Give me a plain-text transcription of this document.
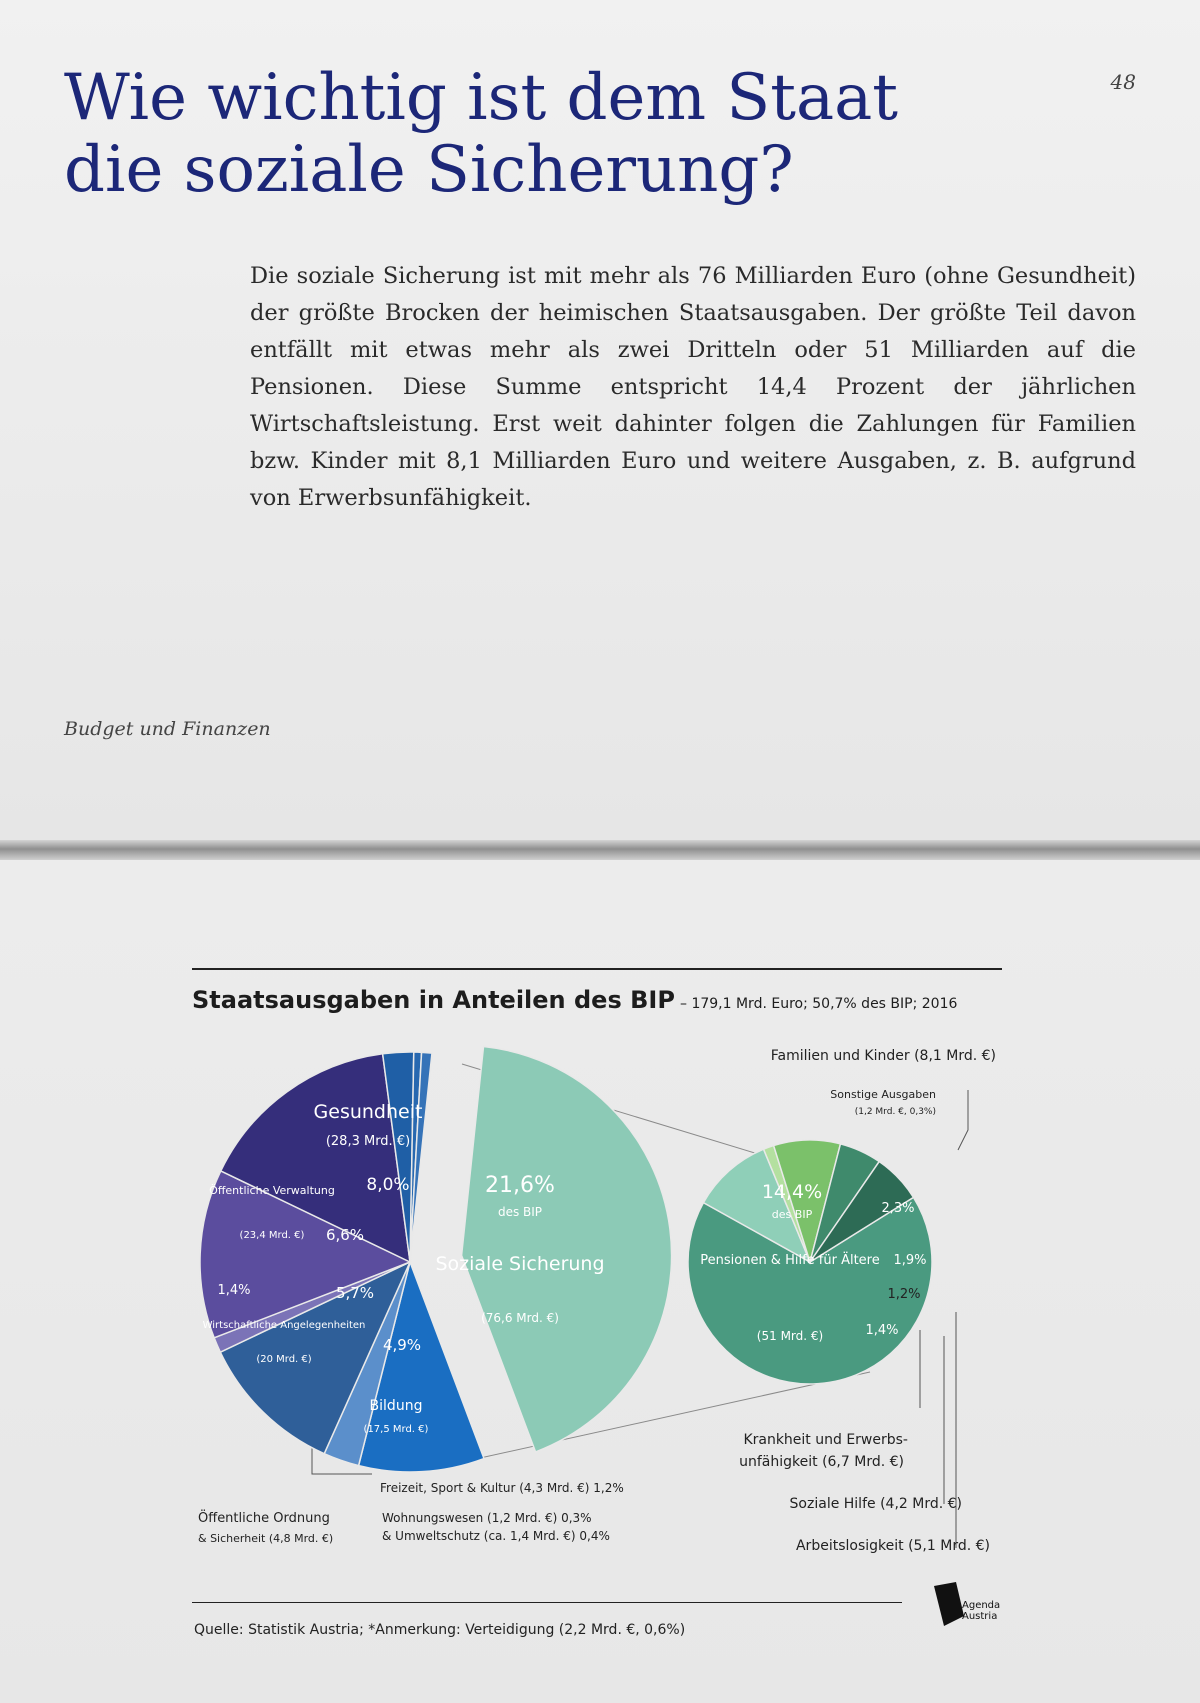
48
Wie wichtig ist dem Staat
die soziale Sicherung?

Die soziale Sicherung ist mit mehr als 76 Milliarden Euro (ohne Gesundheit) der größte Brocken der heimischen Staatsausgaben. Der größte Teil davon entfällt mit etwas mehr als zwei Dritteln oder 51 Milliarden auf die Pensionen. Diese Summe entspricht 14,4 Prozent der jährlichen Wirtschaftsleistung. Erst weit dahinter folgen die Zahlungen für Familien bzw. Kinder mit 8,1 Milliarden Euro und weitere Ausgaben, z. B. aufgrund von Erwerbsunfähigkeit.

Budget und Finanzen
Staatsausgaben in Anteilen des BIP – 179,1 Mrd. Euro; 50,7% des BIP; 2016
Gesundheit
(28,3 Mrd. €)
8,0%
Öffentliche Verwaltung
(23,4 Mrd. €) 6,6%
1,4%	5,7%
Wirtschaftliche Angelegenheiten
(20 Mrd. €)
4,9%
Bildung
(17,5 Mrd. €)
21,6%
des BIP
Soziale Sicherung
(76,6 Mrd. €)
14,4%
des BIP
Pensionen & Hilfe für Ältere
(51 Mrd. €)
2,3%
1,9%
1,2%
1,4%
Familien und Kinder (8,1 Mrd. €)
Sonstige Ausgaben
(1,2 Mrd. €, 0,3%)
Krankheit und Erwerbs-
unfähigkeit (6,7 Mrd. €)
Soziale Hilfe (4,2 Mrd. €)
Arbeitslosigkeit (5,1 Mrd. €)
Freizeit, Sport & Kultur (4,3 Mrd. €) 1,2%
Wohnungswesen (1,2 Mrd. €) 0,3%
& Umweltschutz (ca. 1,4 Mrd. €) 0,4%
Öffentliche Ordnung
& Sicherheit (4,8 Mrd. €)
Quelle: Statistik Austria; *Anmerkung: Verteidigung (2,2 Mrd. €, 0,6%)
Agenda
Austria
